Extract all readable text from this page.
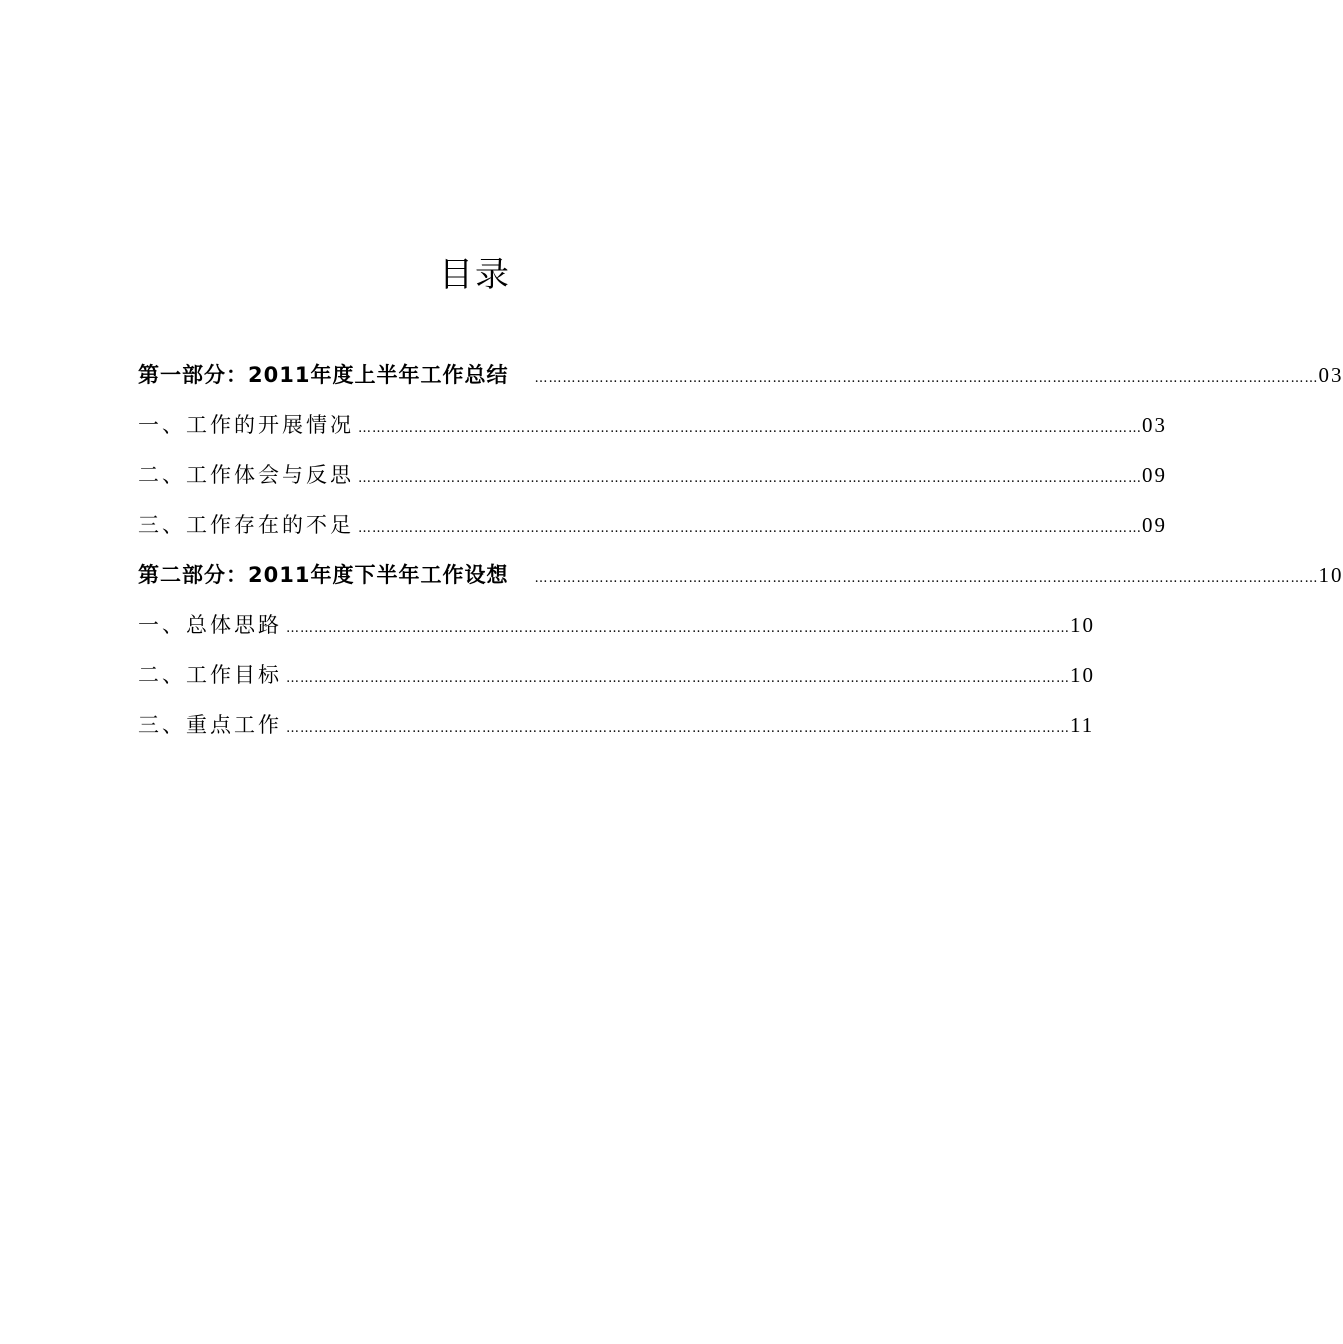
目录
第一部分：2011年度上半年工作总结 …………………………………………………………………………………………………………………………………………………… 03
一、工作的开展情况 …………………………………………………………………………………………………………………………………………………… 03
二、工作体会与反思 …………………………………………………………………………………………………………………………………………………… 09
三、工作存在的不足 …………………………………………………………………………………………………………………………………………………… 09
第二部分：2011年度下半年工作设想 …………………………………………………………………………………………………………………………………………………… 10
一、总体思路 …………………………………………………………………………………………………………………………………………………… 10
二、工作目标 …………………………………………………………………………………………………………………………………………………… 10
三、重点工作 …………………………………………………………………………………………………………………………………………………… 11
